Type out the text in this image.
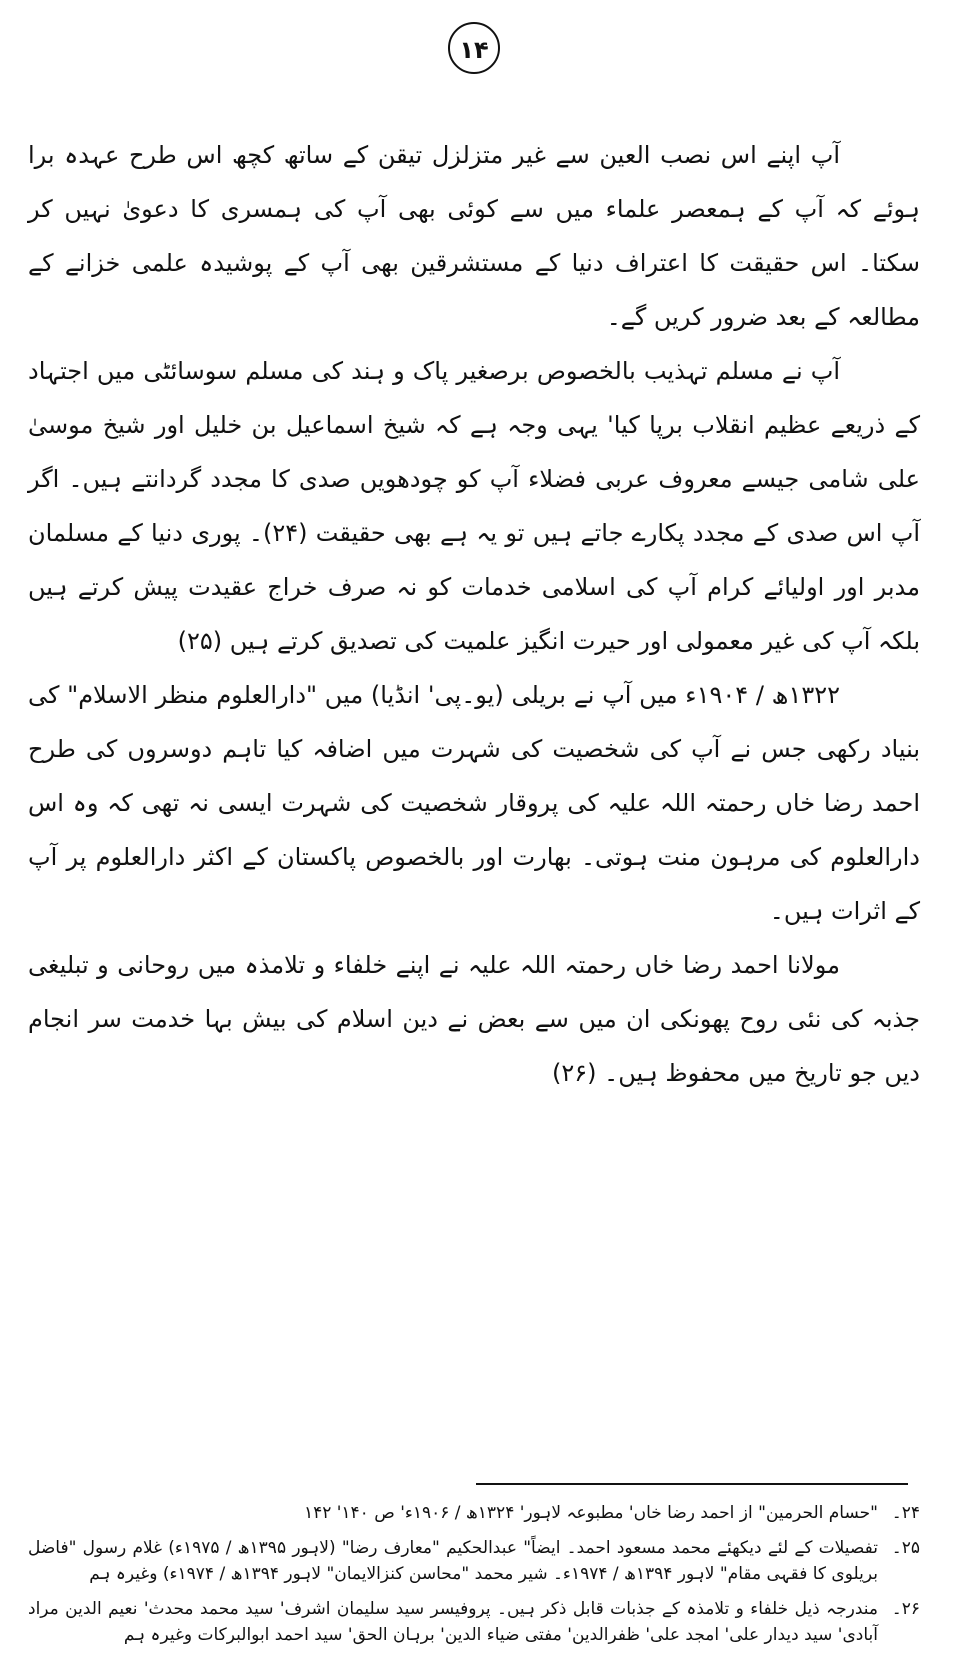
۱۴

آپ اپنے اس نصب العین سے غیر متزلزل تیقن کے ساتھ کچھ اس طرح عہدہ برا ہوئے کہ آپ کے ہمعصر علماء میں سے کوئی بھی آپ کی ہمسری کا دعویٰ نہیں کر سکتا۔ اس حقیقت کا اعتراف دنیا کے مستشرقین بھی آپ کے پوشیدہ علمی خزانے کے مطالعہ کے بعد ضرور کریں گے۔

آپ نے مسلم تہذیب بالخصوص برصغیر پاک و ہند کی مسلم سوسائٹی میں اجتہاد کے ذریعے عظیم انقلاب برپا کیا' یہی وجہ ہے کہ شیخ اسماعیل بن خلیل اور شیخ موسیٰ علی شامی جیسے معروف عربی فضلاء آپ کو چودھویں صدی کا مجدد گردانتے ہیں۔ اگر آپ اس صدی کے مجدد پکارے جاتے ہیں تو یہ ہے بھی حقیقت (۲۴)۔ پوری دنیا کے مسلمان مدبر اور اولیائے کرام آپ کی اسلامی خدمات کو نہ صرف خراج عقیدت پیش کرتے ہیں بلکہ آپ کی غیر معمولی اور حیرت انگیز علمیت کی تصدیق کرتے ہیں (۲۵)

۱۳۲۲ھ / ۱۹۰۴ء میں آپ نے بریلی (یو۔پی' انڈیا) میں "دارالعلوم منظر الاسلام" کی بنیاد رکھی جس نے آپ کی شخصیت کی شہرت میں اضافہ کیا تاہم دوسروں کی طرح احمد رضا خاں رحمتہ اللہ علیہ کی پروقار شخصیت کی شہرت ایسی نہ تھی کہ وہ اس دارالعلوم کی مرہون منت ہوتی۔ بھارت اور بالخصوص پاکستان کے اکثر دارالعلوم پر آپ کے اثرات ہیں۔

مولانا احمد رضا خاں رحمتہ اللہ علیہ نے اپنے خلفاء و تلامذہ میں روحانی و تبلیغی جذبہ کی نئی روح پھونکی ان میں سے بعض نے دین اسلام کی بیش بہا خدمت سر انجام دیں جو تاریخ میں محفوظ ہیں۔ (۲۶)

۲۴۔
"حسام الحرمین" از احمد رضا خاں' مطبوعہ لاہور' ۱۳۲۴ھ / ۱۹۰۶ء' ص ۱۴۰' ۱۴۲
۲۵۔
تفصیلات کے لئے دیکھئے محمد مسعود احمد۔ ایضاً" عبدالحکیم "معارف رضا" (لاہور ۱۳۹۵ھ / ۱۹۷۵ء) غلام رسول "فاضل بریلوی کا فقہی مقام" لاہور ۱۳۹۴ھ / ۱۹۷۴ء۔ شیر محمد "محاسن کنزالایمان" لاہور ۱۳۹۴ھ / ۱۹۷۴ء) وغیرہ ہم
۲۶۔
مندرجہ ذیل خلفاء و تلامذہ کے جذبات قابل ذکر ہیں۔ پروفیسر سید سلیمان اشرف' سید محمد محدث' نعیم الدین مراد آبادی' سید دیدار علی' امجد علی' ظفرالدین' مفتی ضیاء الدین' برہان الحق' سید احمد ابوالبرکات وغیرہ ہم
